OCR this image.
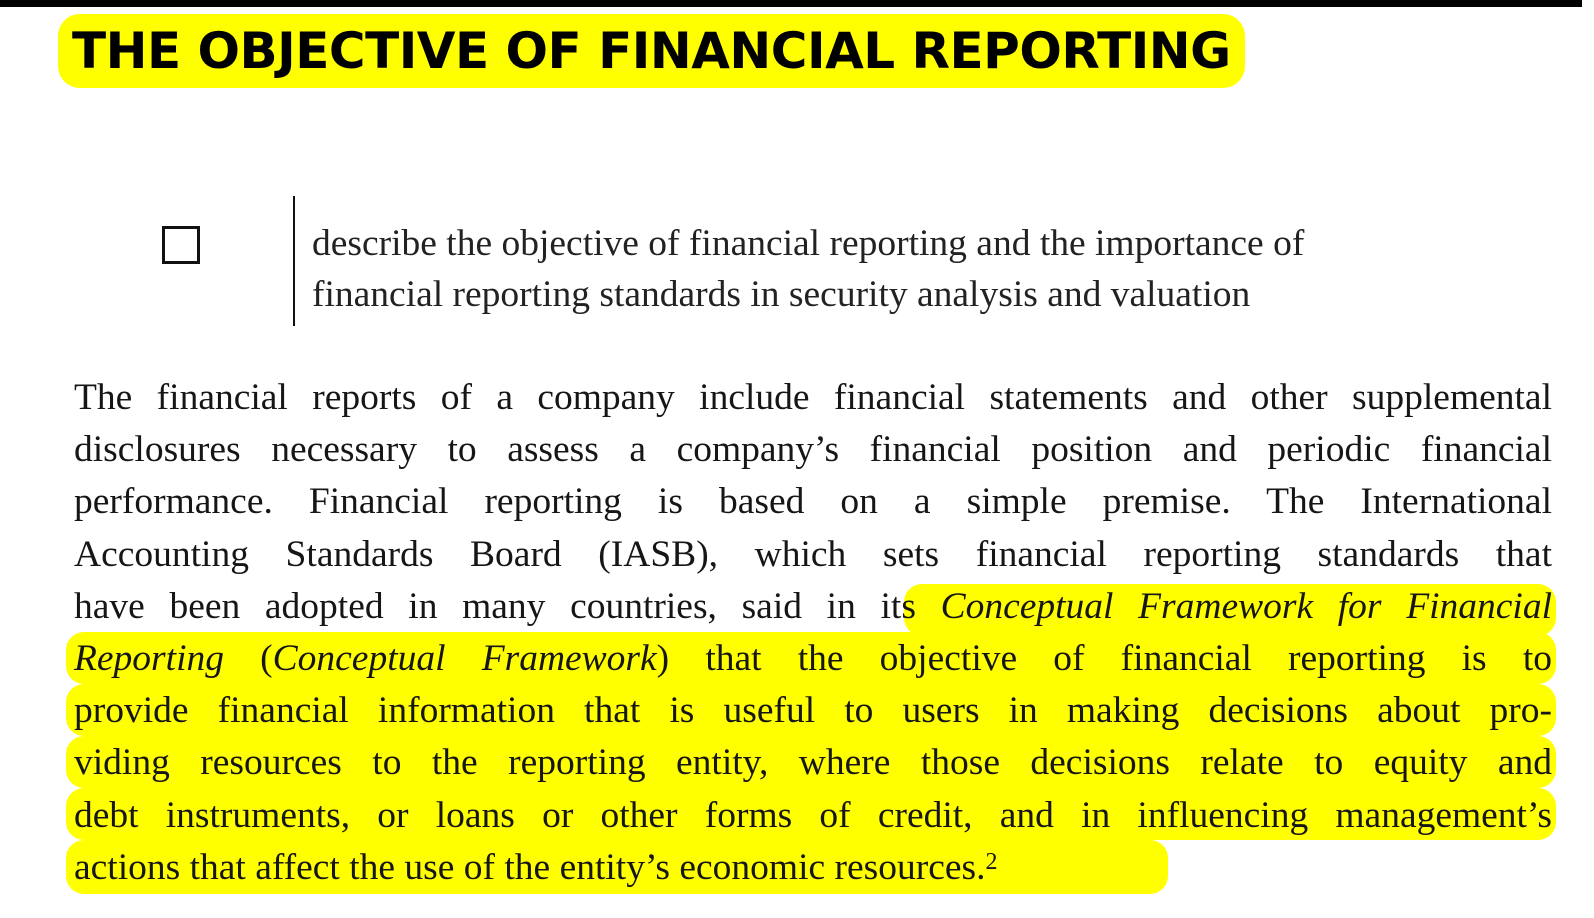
THE OBJECTIVE OF FINANCIAL REPORTING
describe the objective of financial reporting and the importance of
financial reporting standards in security analysis and valuation
The financial reports of a company include financial statements and other supplemental
disclosures necessary to assess a company’s financial position and periodic financial
performance. Financial reporting is based on a simple premise. The International
Accounting Standards Board (IASB), which sets financial reporting standards that
have been adopted in many countries, said in its Conceptual Framework for Financial
Reporting (Conceptual Framework) that the objective of financial reporting is to
provide financial information that is useful to users in making decisions about pro-
viding resources to the reporting entity, where those decisions relate to equity and
debt instruments, or loans or other forms of credit, and in influencing management’s
actions that affect the use of the entity’s economic resources.$^2$
